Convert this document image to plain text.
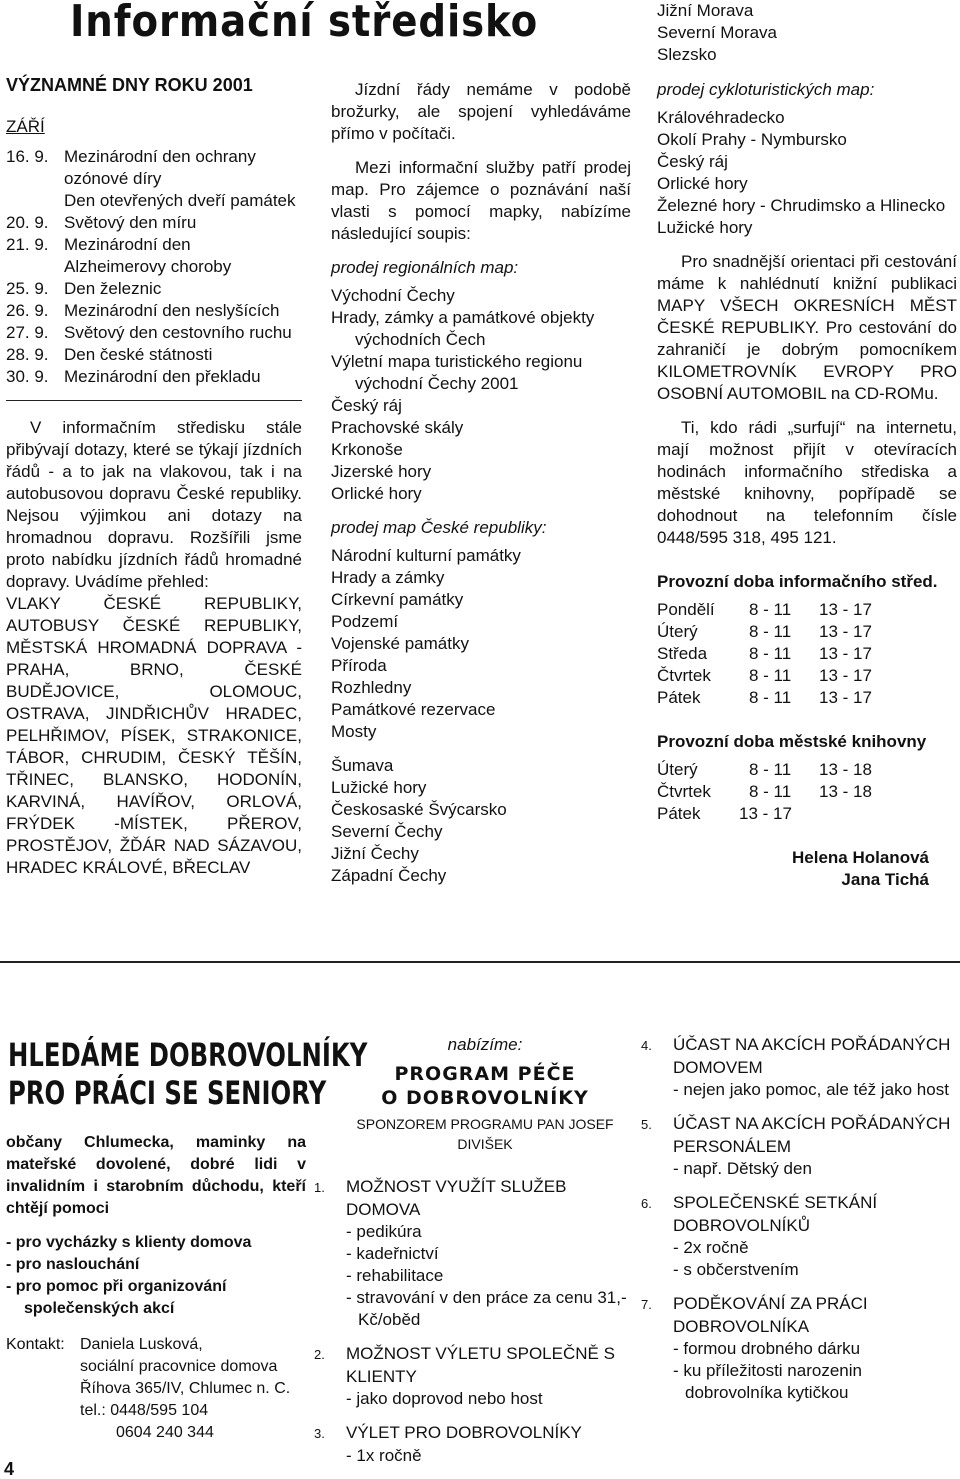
Informační středisko	Jižní Morava
Severní Morava
Slezsko
VÝZNAMNÉ DNY ROKU 2001
ZÁŘÍ
16. 9. Mezinárodní den ochrany
ozónové díry
Den otevřených dveří památek
20. 9. Světový den míru
21. 9. Mezinárodní den
Alzheimerovy choroby
25. 9. Den železnic
26. 9. Mezinárodní den neslyšících
27. 9. Světový den cestovního ruchu
28. 9. Den české státnosti
30. 9. Mezinárodní den překladu
V informačním středisku stále přibývají dotazy, které se týkají jízdních řádů - a to jak na vlakovou, tak i na autobusovou dopravu České republiky. Nejsou výjimkou ani dotazy na hromadnou dopravu. Rozšířili jsme proto nabídku jízdních řádů hromadné dopravy. Uvádíme přehled:
VLAKY ČESKÉ REPUBLIKY, AUTOBUSY ČESKÉ REPUBLIKY, MĚSTSKÁ HROMADNÁ DOPRAVA - PRAHA, BRNO, ČESKÉ BUDĚJOVICE, OLOMOUC, OSTRAVA, JINDŘICHŮV HRADEC, PELHŘIMOV, PÍSEK, STRAKONICE, TÁBOR, CHRUDIM, ČESKÝ TĚŠÍN, TŘINEC, BLANSKO, HODONÍN, KARVINÁ, HAVÍŘOV, ORLOVÁ, FRÝDEK -MÍSTEK, PŘEROV, PROSTĚJOV, ŽĎÁR NAD SÁZAVOU, HRADEC KRÁLOVÉ, BŘECLAV
Jízdní řády nemáme v podobě brožurky, ale spojení vyhledáváme přímo v počítači.
Mezi informační služby patří prodej map. Pro zájemce o poznávání naší vlasti s pomocí mapky, nabízíme následující soupis:
prodej regionálních map:
Východní Čechy
Hrady, zámky a památkové objekty východních Čech
Výletní mapa turistického regionu východní Čechy 2001
Český ráj
Prachovské skály
Krkonoše
Jizerské hory
Orlické hory
prodej map České republiky:
Národní kulturní památky
Hrady a zámky
Církevní památky
Podzemí
Vojenské památky
Příroda
Rozhledny
Památkové rezervace
Mosty
Šumava
Lužické hory
Českosaské Švýcarsko
Severní Čechy
Jižní Čechy
Západní Čechy
prodej cykloturistických map:
Královéhradecko
Okolí Prahy - Nymbursko
Český ráj
Orlické hory
Železné hory - Chrudimsko a Hlinecko
Lužické hory
Pro snadnější orientaci při cestování máme k nahlédnutí knižní publikaci MAPY VŠECH OKRESNÍCH MĚST ČESKÉ REPUBLIKY. Pro cestování do zahraničí je dobrým pomocníkem KILOMETROVNÍK EVROPY PRO OSOBNÍ AUTOMOBIL na CD-ROMu.
Ti, kdo rádi „surfují“ na internetu, mají možnost přijít v otevíracích hodinách informačního střediska a městské knihovny, popřípadě se dohodnout na telefonním čísle 0448/595 318, 495 121.
Provozní doba informačního střed.
Pondělí	8 - 11	13 - 17
Úterý	8 - 11	13 - 17
Středa	8 - 11	13 - 17
Čtvrtek	8 - 11	13 - 17
Pátek	8 - 11	13 - 17
Provozní doba městské knihovny
Úterý	8 - 11	13 - 18
Čtvrtek	8 - 11	13 - 18
Pátek	13 - 17
Helena Holanová
Jana Tichá
HLEDÁME DOBROVOLNÍKY
PRO PRÁCI SE SENIORY
občany Chlumecka, maminky na mateřské dovolené, dobré lidi v invalidním i starobním důchodu, kteří chtějí pomoci
- pro vycházky s klienty domova
- pro naslouchání
- pro pomoc při organizování společenských akcí
Kontakt: Daniela Lusková,
sociální pracovnice domova
Říhova 365/IV, Chlumec n. C.
tel.: 0448/595 104
0604 240 344
nabízíme:
PROGRAM PÉČE
O DOBROVOLNÍKY
SPONZOREM PROGRAMU PAN JOSEF DIVIŠEK
1. MOŽNOST VYUŽÍT SLUŽEB DOMOVA
- pedikúra
- kadeřnictví
- rehabilitace
- stravování v den práce za cenu 31,- Kč/oběd
2. MOŽNOST VÝLETU SPOLEČNĚ S KLIENTY
- jako doprovod nebo host
3. VÝLET PRO DOBROVOLNÍKY
- 1x ročně
4. ÚČAST NA AKCÍCH POŘÁDANÝCH DOMOVEM
- nejen jako pomoc, ale též jako host
5. ÚČAST NA AKCÍCH POŘÁDANÝCH PERSONÁLEM
- např. Dětský den
6. SPOLEČENSKÉ SETKÁNÍ DOBROVOLNÍKŮ
- 2x ročně
- s občerstvením
7. PODĚKOVÁNÍ ZA PRÁCI DOBROVOLNÍKA
- formou drobného dárku
- ku příležitosti narozenin dobrovolníka kytičkou
4
